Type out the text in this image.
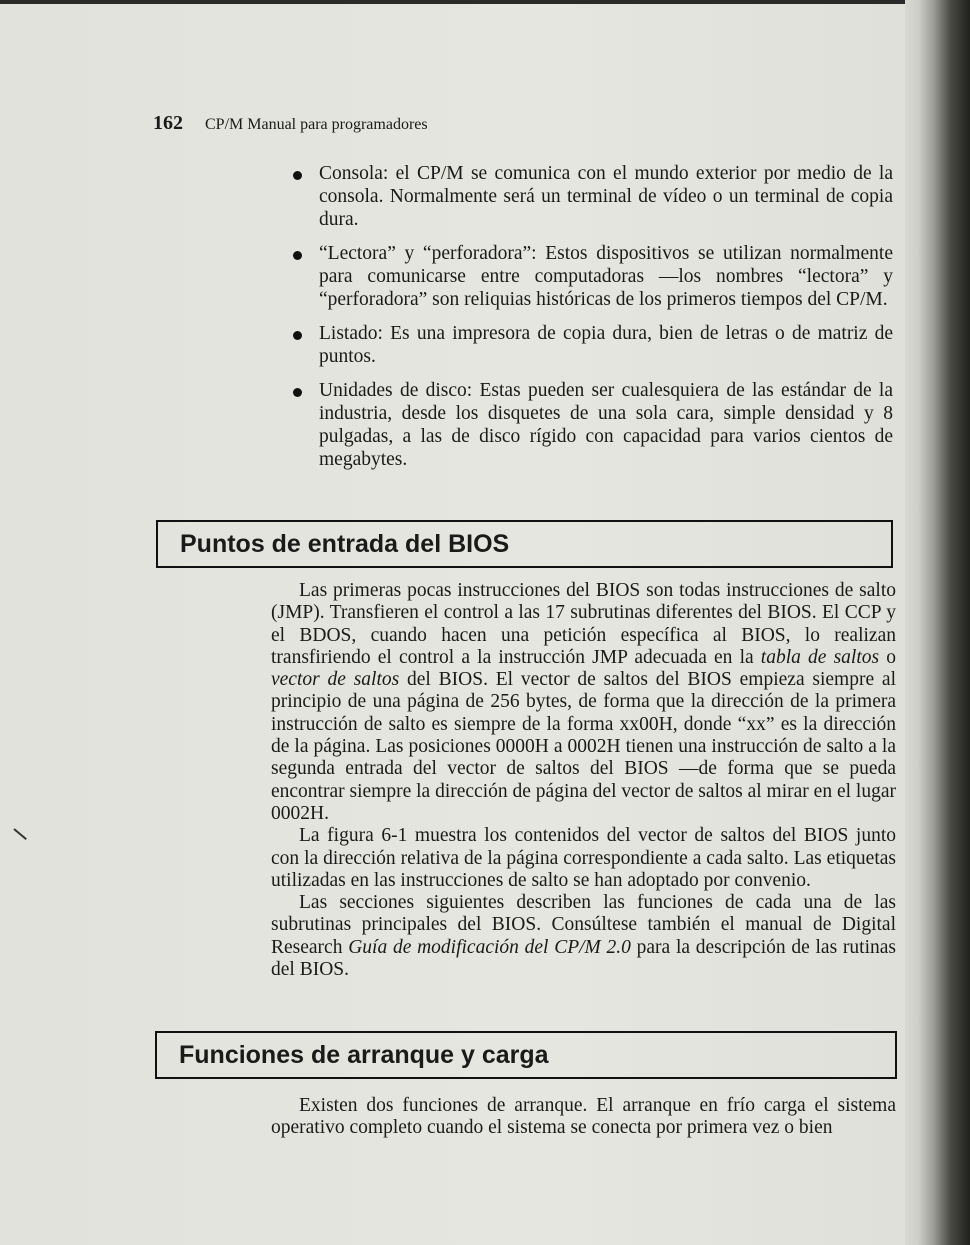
162 CP/M Manual para programadores
Consola: el CP/M se comunica con el mundo exterior por medio de la consola. Normalmente será un terminal de vídeo o un terminal de copia dura.
“Lectora” y “perforadora”: Estos dispositivos se utilizan normalmente para comunicarse entre computadoras —los nombres “lectora” y “perforadora” son reliquias históricas de los primeros tiempos del CP/M.
Listado: Es una impresora de copia dura, bien de letras o de matriz de puntos.
Unidades de disco: Estas pueden ser cualesquiera de las estándar de la industria, desde los disquetes de una sola cara, simple densidad y 8 pulgadas, a las de disco rígido con capacidad para varios cientos de megabytes.
Puntos de entrada del BIOS

Las primeras pocas instrucciones del BIOS son todas instrucciones de salto (JMP). Transfieren el control a las 17 subrutinas diferentes del BIOS. El CCP y el BDOS, cuando hacen una petición específica al BIOS, lo realizan transfiriendo el control a la instrucción JMP adecuada en la tabla de saltos o vector de saltos del BIOS. El vector de saltos del BIOS empieza siempre al principio de una página de 256 bytes, de forma que la dirección de la primera instrucción de salto es siempre de la forma xx00H, donde “xx” es la dirección de la página. Las posiciones 0000H a 0002H tienen una instrucción de salto a la segunda entrada del vector de saltos del BIOS —de forma que se pueda encontrar siempre la dirección de página del vector de saltos al mirar en el lugar 0002H.

La figura 6-1 muestra los contenidos del vector de saltos del BIOS junto con la dirección relativa de la página correspondiente a cada salto. Las etiquetas utilizadas en las instrucciones de salto se han adoptado por convenio.

Las secciones siguientes describen las funciones de cada una de las subrutinas principales del BIOS. Consúltese también el manual de Digital Research Guía de modificación del CP/M 2.0 para la descripción de las rutinas del BIOS.

Funciones de arranque y carga

Existen dos funciones de arranque. El arranque en frío carga el sistema operativo completo cuando el sistema se conecta por primera vez o bien
